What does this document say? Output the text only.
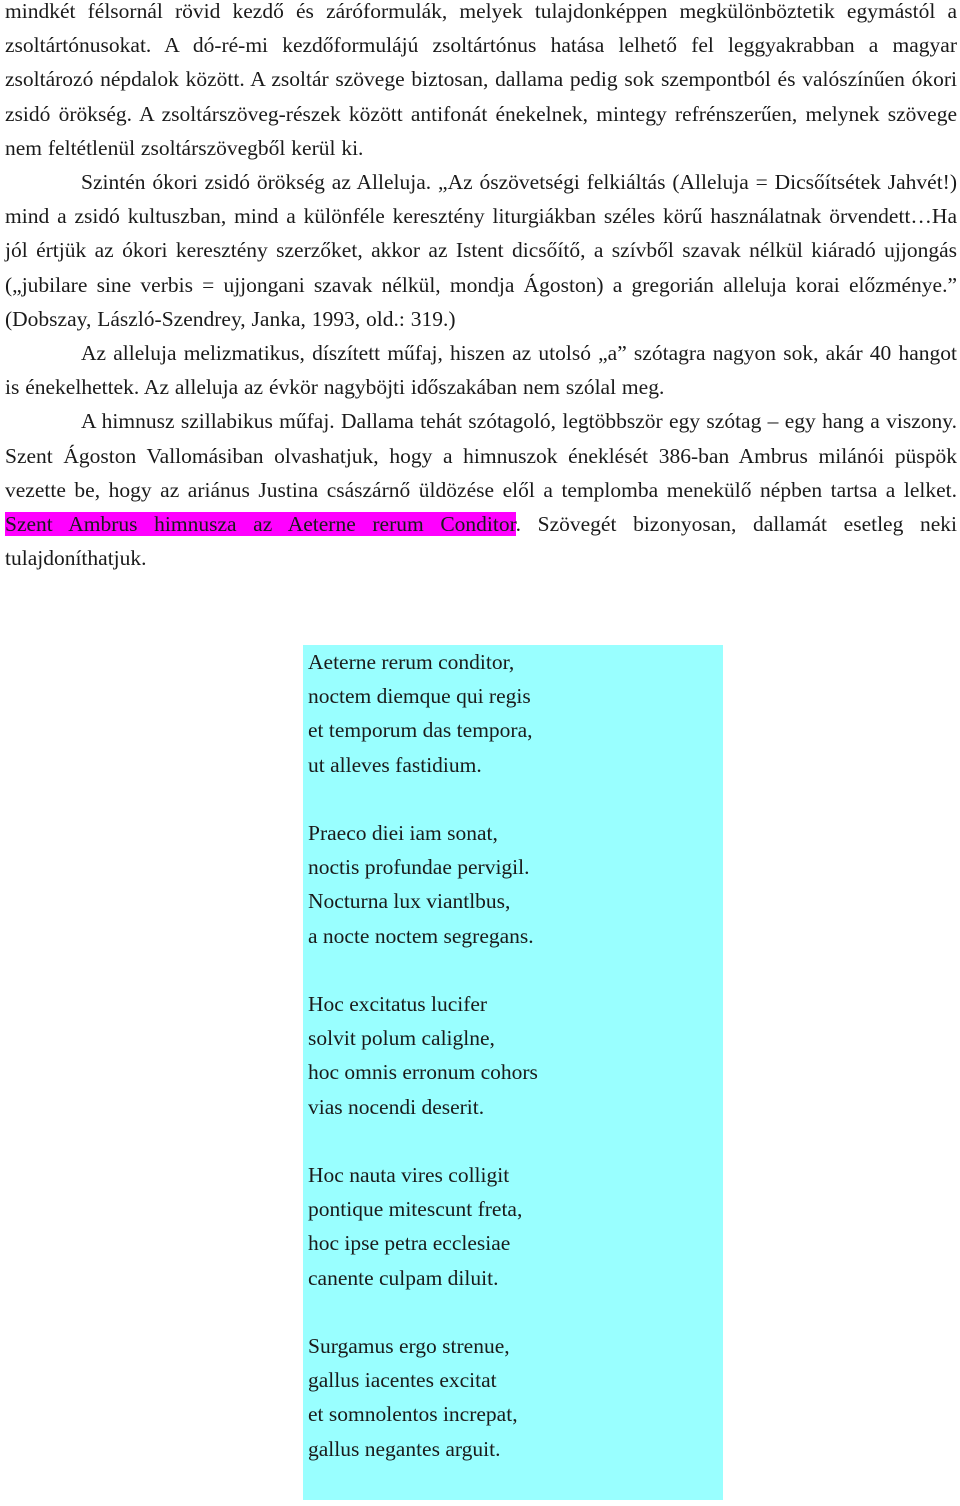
mindkét félsornál rövid kezdő és záróformulák, melyek tulajdonképpen megkülönböztetik egymástól a zsoltártónusokat. A dó-ré-mi kezdőformulájú zsoltártónus hatása lelhető fel leggyakrabban a magyar zsoltározó népdalok között. A zsoltár szövege biztosan, dallama pedig sok szempontból és valószínűen ókori zsidó örökség. A zsoltárszöveg-részek között antifonát énekelnek, mintegy refrénszerűen, melynek szövege nem feltétlenül zsoltárszövegből kerül ki.

Szintén ókori zsidó örökség az Alleluja. „Az ószövetségi felkiáltás (Alleluja = Dicsőítsétek Jahvét!) mind a zsidó kultuszban, mind a különféle keresztény liturgiákban széles körű használatnak örvendett…Ha jól értjük az ókori keresztény szerzőket, akkor az Istent dicsőítő, a szívből szavak nélkül kiáradó ujjongás („jubilare sine verbis = ujjongani szavak nélkül, mondja Ágoston) a gregorián alleluja korai előzménye.” (Dobszay, László-Szendrey, Janka, 1993, old.: 319.)

Az alleluja melizmatikus, díszített műfaj, hiszen az utolsó „a” szótagra nagyon sok, akár 40 hangot is énekelhettek. Az alleluja az évkör nagyböjti időszakában nem szólal meg.

A himnusz szillabikus műfaj. Dallama tehát szótagoló, legtöbbször egy szótag – egy hang a viszony. Szent Ágoston Vallomásiban olvashatjuk, hogy a himnuszok éneklését 386-ban Ambrus milánói püspök vezette be, hogy az ariánus Justina császárnő üldözése elől a templomba menekülő népben tartsa a lelket. Szent Ambrus himnusza az Aeterne rerum Conditor. Szövegét bizonyosan, dallamát esetleg neki tulajdoníthatjuk.

Aeterne rerum conditor,
noctem diemque qui regis
et temporum das tempora,
ut alleves fastidium.

Praeco diei iam sonat,
noctis profundae pervigil.
Nocturna lux viantlbus,
a nocte noctem segregans.

Hoc excitatus lucifer
solvit polum caliglne,
hoc omnis erronum cohors
vias nocendi deserit.

Hoc nauta vires colligit
pontique mitescunt freta,
hoc ipse petra ecclesiae
canente culpam diluit.

Surgamus ergo strenue,
gallus iacentes excitat
et somnolentos increpat,
gallus negantes arguit.
